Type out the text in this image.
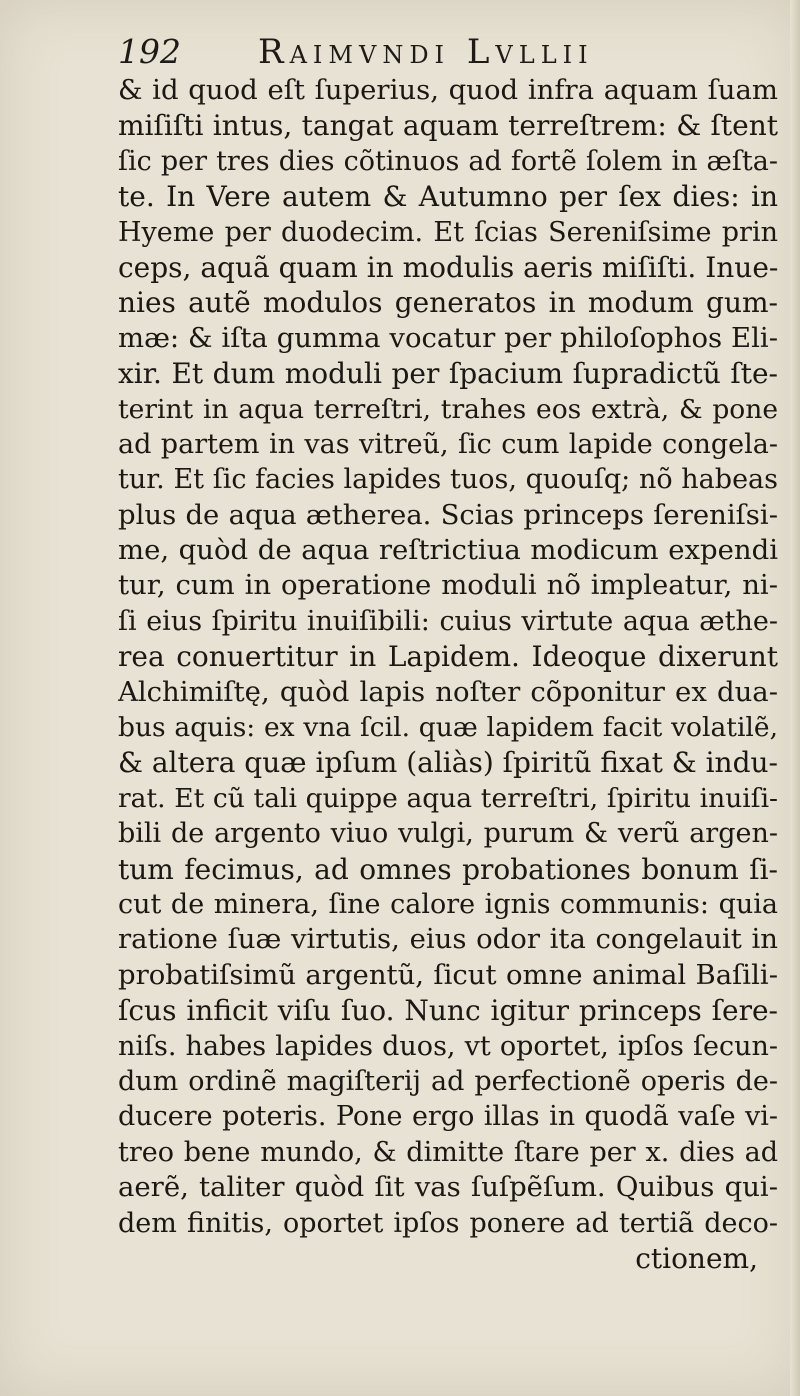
192 Raimvndi Lvllii
& id quod eſt ſuperius, quod infra aquam ſuam
miſiſti intus, tangat aquam terreſtrem: & ſtent
ſic per tres dies cõtinuos ad fortẽ ſolem in æſta-
te. In Vere autem & Autumno per ſex dies: in
Hyeme per duodecim. Et ſcias Sereniſsime prin
ceps, aquã quam in modulis aeris miſiſti. Inue-
nies autẽ modulos generatos in modum gum-
mæ: & iſta gumma vocatur per philoſophos Eli-
xir. Et dum moduli per ſpacium ſupradictũ ſte-
terint in aqua terreſtri, trahes eos extrà, & pone
ad partem in vas vitreũ, ſic cum lapide congela-
tur. Et ſic facies lapides tuos, quouſq; nõ habeas
plus de aqua ætherea. Scias princeps ſereniſsi-
me, quòd de aqua reſtrictiua modicum expendi
tur, cum in operatione moduli nõ impleatur, ni-
ſi eius ſpiritu inuiſibili: cuius virtute aqua æthe-
rea conuertitur in Lapidem. Ideoque dixerunt
Alchimiſtę, quòd lapis noſter cõponitur ex dua-
bus aquis: ex vna ſcil. quæ lapidem facit volatilẽ,
& altera quæ ipſum (aliàs) ſpiritũ fixat & indu-
rat. Et cũ tali quippe aqua terreſtri, ſpiritu inuiſi-
bili de argento viuo vulgi, purum & verũ argen-
tum fecimus, ad omnes probationes bonum ſi-
cut de minera, ſine calore ignis communis: quia
ratione ſuæ virtutis, eius odor ita congelauit in
probatiſsimũ argentũ, ſicut omne animal Baſili-
ſcus inficit viſu ſuo. Nunc igitur princeps ſere-
niſs. habes lapides duos, vt oportet, ipſos ſecun-
dum ordinẽ magiſterij ad perfectionẽ operis de-
ducere poteris. Pone ergo illas in quodã vaſe vi-
treo bene mundo, & dimitte ſtare per x. dies ad
aerẽ, taliter quòd ſit vas ſuſpẽſum. Quibus qui-
dem finitis, oportet ipſos ponere ad tertiã deco-
ctionem,
